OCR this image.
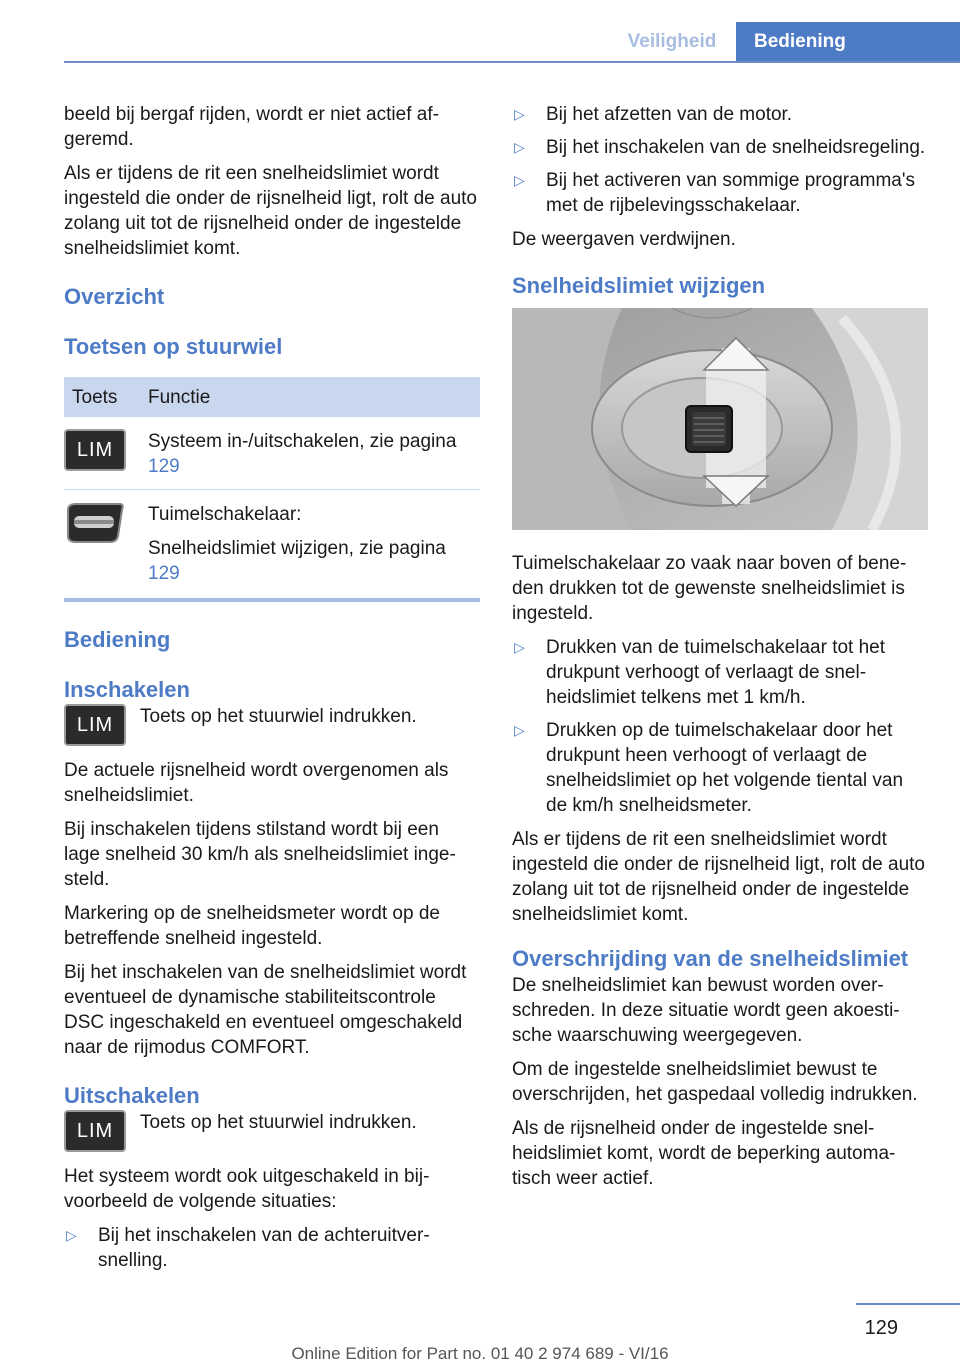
Veiligheid	Bediening

beeld bij bergaf rijden, wordt er niet actief afgeremd.

Als er tijdens de rit een snelheidslimiet wordt ingesteld die onder de rijsnelheid ligt, rolt de auto zolang uit tot de rijsnelheid onder de ingestelde snelheidslimiet komt.

Overzicht
Toetsen op stuurwiel
Toets	Functie
LIM	Systeem in-/uitschakelen, zie pagina 129

Tuimelschakelaar:

Snelheidslimiet wijzigen, zie pagina 129
Bediening
Inschakelen
LIM	Toets op het stuurwiel indrukken.

De actuele rijsnelheid wordt overgenomen als snelheidslimiet.

Bij inschakelen tijdens stilstand wordt bij een lage snelheid 30 km/h als snelheidslimiet ingesteld.

Markering op de snelheidsmeter wordt op de betreffende snelheid ingesteld.

Bij het inschakelen van de snelheidslimiet wordt eventueel de dynamische stabiliteitscontrole DSC ingeschakeld en eventueel omgeschakeld naar de rijmodus COMFORT.

Uitschakelen
LIM	Toets op het stuurwiel indrukken.

Het systeem wordt ook uitgeschakeld in bijvoorbeeld de volgende situaties:

▷ Bij het inschakelen van de achteruitversnelling.
▷ Bij het afzetten van de motor.
▷ Bij het inschakelen van de snelheidsregeling.
▷ Bij het activeren van sommige programma's met de rijbelevingsschakelaar.

De weergaven verdwijnen.

Snelheidslimiet wijzigen

Tuimelschakelaar zo vaak naar boven of beneden drukken tot de gewenste snelheidslimiet is ingesteld.

▷ Drukken van de tuimelschakelaar tot het drukpunt verhoogt of verlaagt de snelheidslimiet telkens met 1 km/h.
▷ Drukken op de tuimelschakelaar door het drukpunt heen verhoogt of verlaagt de snelheidslimiet op het volgende tiental van de km/h snelheidsmeter.

Als er tijdens de rit een snelheidslimiet wordt ingesteld die onder de rijsnelheid ligt, rolt de auto zolang uit tot de rijsnelheid onder de ingestelde snelheidslimiet komt.

Overschrijding van de snelheidslimiet

De snelheidslimiet kan bewust worden overschreden. In deze situatie wordt geen akoestische waarschuwing weergegeven.

Om de ingestelde snelheidslimiet bewust te overschrijden, het gaspedaal volledig indrukken.

Als de rijsnelheid onder de ingestelde snelheidslimiet komt, wordt de beperking automatisch weer actief.

129
Online Edition for Part no. 01 40 2 974 689 - VI/16
